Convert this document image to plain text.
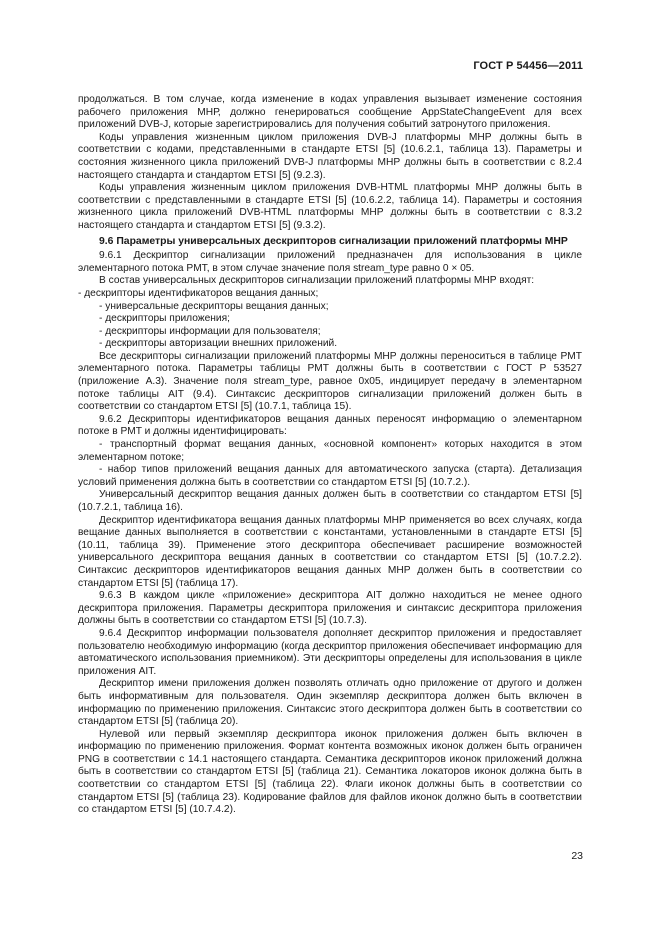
ГОСТ Р 54456—2011

продолжаться. В том случае, когда изменение в кодах управления вызывает изменение состояния рабочего приложения МНР, должно генерироваться сообщение AppStateChangeEvent для всех приложений DVB-J, которые зарегистрировались для получения событий затронутого приложения.

Коды управления жизненным циклом приложения DVB-J платформы МНР должны быть в соответствии с кодами, представленными в стандарте ETSI [5] (10.6.2.1, таблица 13). Параметры и состояния жизненного цикла приложений DVB-J платформы МНР должны быть в соответствии с 8.2.4 настоящего стандарта и стандартом ETSI [5] (9.2.3).

Коды управления жизненным циклом приложения DVB-HTML платформы МНР должны быть в соответствии с представленными в стандарте ETSI [5] (10.6.2.2, таблица 14). Параметры и состояния жизненного цикла приложений DVB-HTML платформы МНР должны быть в соответствии с 8.3.2 настоящего стандарта и стандартом ETSI [5] (9.3.2).

9.6 Параметры универсальных дескрипторов сигнализации приложений платформы МНР

9.6.1 Дескриптор сигнализации приложений предназначен для использования в цикле элементарного потока PMT, в этом случае значение поля stream_type равно 0 × 05.

В состав универсальных дескрипторов сигнализации приложений платформы МНР входят:

- дескрипторы идентификаторов вещания данных;
- универсальные дескрипторы вещания данных;
- дескрипторы приложения;
- дескрипторы информации для пользователя;
- дескрипторы авторизации внешних приложений.

Все дескрипторы сигнализации приложений платформы МНР должны переноситься в таблице PMT элементарного потока. Параметры таблицы PMT должны быть в соответствии с ГОСТ Р 53527 (приложение А.3). Значение поля stream_type, равное 0x05, индицирует передачу в элементарном потоке таблицы AIT (9.4). Синтаксис дескрипторов сигнализации приложений должен быть в соответствии со стандартом ETSI [5] (10.7.1, таблица 15).

9.6.2 Дескрипторы идентификаторов вещания данных переносят информацию о элементарном потоке в PMT и должны идентифицировать:

- транспортный формат вещания данных, «основной компонент» которых находится в этом элементарном потоке;

- набор типов приложений вещания данных для автоматического запуска (старта). Детализация условий применения должна быть в соответствии со стандартом ETSI [5] (10.7.2.).

Универсальный дескриптор вещания данных должен быть в соответствии со стандартом ETSI [5] (10.7.2.1, таблица 16).

Дескриптор идентификатора вещания данных платформы МНР применяется во всех случаях, когда вещание данных выполняется в соответствии с константами, установленными в стандарте ETSI [5] (10.11, таблица 39). Применение этого дескриптора обеспечивает расширение возможностей универсального дескриптора вещания данных в соответствии со стандартом ETSI [5] (10.7.2.2). Синтаксис дескрипторов идентификаторов вещания данных МНР должен быть в соответствии со стандартом ETSI [5] (таблица 17).

9.6.3 В каждом цикле «приложение» дескриптора AIT должно находиться не менее одного дескриптора приложения. Параметры дескриптора приложения и синтаксис дескриптора приложения должны быть в соответствии со стандартом ETSI [5] (10.7.3).

9.6.4 Дескриптор информации пользователя дополняет дескриптор приложения и предоставляет пользователю необходимую информацию (когда дескриптор приложения обеспечивает информацию для автоматического использования приемником). Эти дескрипторы определены для использования в цикле приложения AIT.

Дескриптор имени приложения должен позволять отличать одно приложение от другого и должен быть информативным для пользователя. Один экземпляр дескриптора должен быть включен в информацию по применению приложения. Синтаксис этого дескриптора должен быть в соответствии со стандартом ETSI [5] (таблица 20).

Нулевой или первый экземпляр дескриптора иконок приложения должен быть включен в информацию по применению приложения. Формат контента возможных иконок должен быть ограничен PNG в соответствии с 14.1 настоящего стандарта. Семантика дескрипторов иконок приложений должна быть в соответствии со стандартом ETSI [5] (таблица 21). Семантика локаторов иконок должна быть в соответствии со стандартом ETSI [5] (таблица 22). Флаги иконок должны быть в соответствии со стандартом ETSI [5] (таблица 23). Кодирование файлов для файлов иконок должно быть в соответствии со стандартом ETSI [5] (10.7.4.2).

23
